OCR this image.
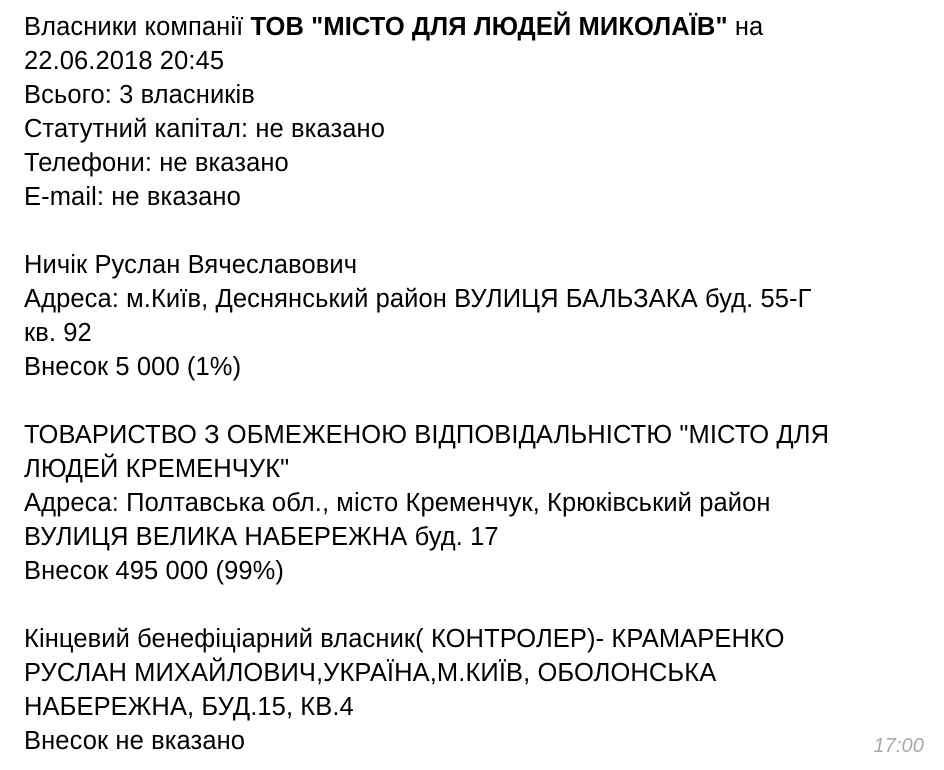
Власники компанії ТОВ "МІСТО ДЛЯ ЛЮДЕЙ МИКОЛАЇВ" на
22.06.2018 20:45
Всього: 3 власників
Статутний капітал: не вказано
Телефони: не вказано
E-mail: не вказано
Ничік Руслан Вячеславович
Адреса: м.Київ, Деснянський район ВУЛИЦЯ БАЛЬЗАКА буд. 55-Г
кв. 92
Внесок 5 000 (1%)
ТОВАРИСТВО З ОБМЕЖЕНОЮ ВІДПОВІДАЛЬНІСТЮ "МІСТО ДЛЯ
ЛЮДЕЙ КРЕМЕНЧУК"
Адреса: Полтавська обл., місто Кременчук, Крюківський район
ВУЛИЦЯ ВЕЛИКА НАБЕРЕЖНА буд. 17
Внесок 495 000 (99%)
Кінцевий бенефіціарний власник( КОНТРОЛЕР)- КРАМАРЕНКО
РУСЛАН МИХАЙЛОВИЧ,УКРАЇНА,М.КИЇВ, ОБОЛОНСЬКА
НАБЕРЕЖНА, БУД.15, КВ.4
Внесок не вказано	17:00
